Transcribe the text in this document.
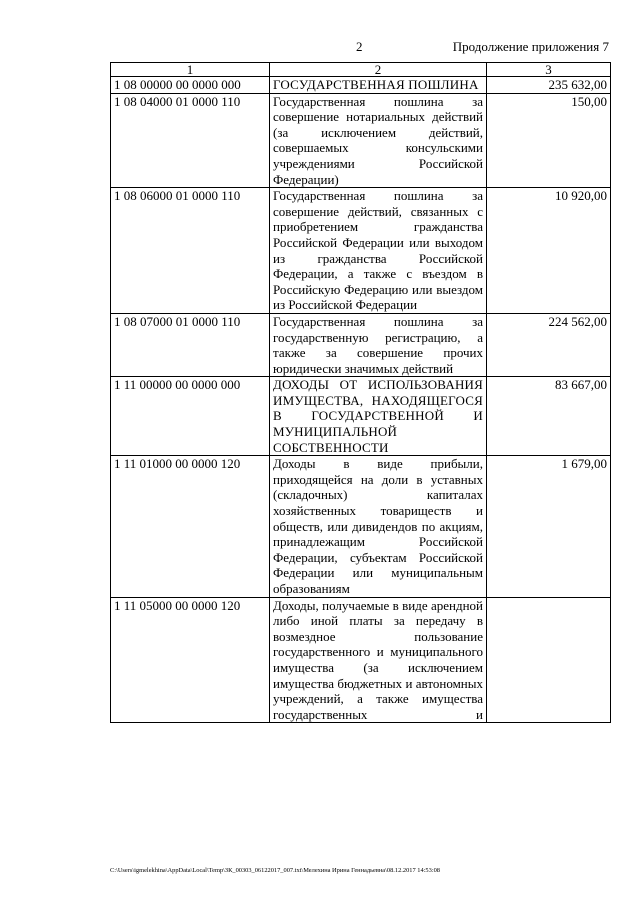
2	Продолжение приложения 7
1	2	3
1 08 00000 00 0000 000	ГОСУДАРСТВЕННАЯ ПОШЛИНА	235 632,00
1 08 04000 01 0000 110	Государственная пошлина за совершение нотариальных действий (за исключением действий, совершаемых консульскими учреждениями Российской Федерации)	150,00
1 08 06000 01 0000 110	Государственная пошлина за совершение действий, связанных с приобретением гражданства Российской Федерации или выходом из гражданства Российской Федерации, а также с въездом в Российскую Федерацию или выездом из Российской Федерации	10 920,00
1 08 07000 01 0000 110	Государственная пошлина за государственную регистрацию, а также за совершение прочих юридически значимых действий	224 562,00
1 11 00000 00 0000 000	ДОХОДЫ ОТ ИСПОЛЬЗОВАНИЯ ИМУЩЕСТВА, НАХОДЯЩЕГОСЯ В ГОСУДАРСТВЕННОЙ И МУНИЦИПАЛЬНОЙ СОБСТВЕННОСТИ	83 667,00
1 11 01000 00 0000 120	Доходы в виде прибыли, приходящейся на доли в уставных (складочных) капиталах хозяйственных товариществ и обществ, или дивидендов по акциям, принадлежащим Российской Федерации, субъектам Российской Федерации или муниципальным образованиям	1 679,00
1 11 05000 00 0000 120	Доходы, получаемые в виде арендной либо иной платы за передачу в возмездное пользование государственного и муниципального имущества (за исключением имущества бюджетных и автономных учреждений, а также имущества государственных и	

C:\Users\igmelekhina\AppData\Local\Temp\ЗК_00303_06122017_007.txt\Мелехина Ирина Геннадьевна\08.12.2017 14:53:08
